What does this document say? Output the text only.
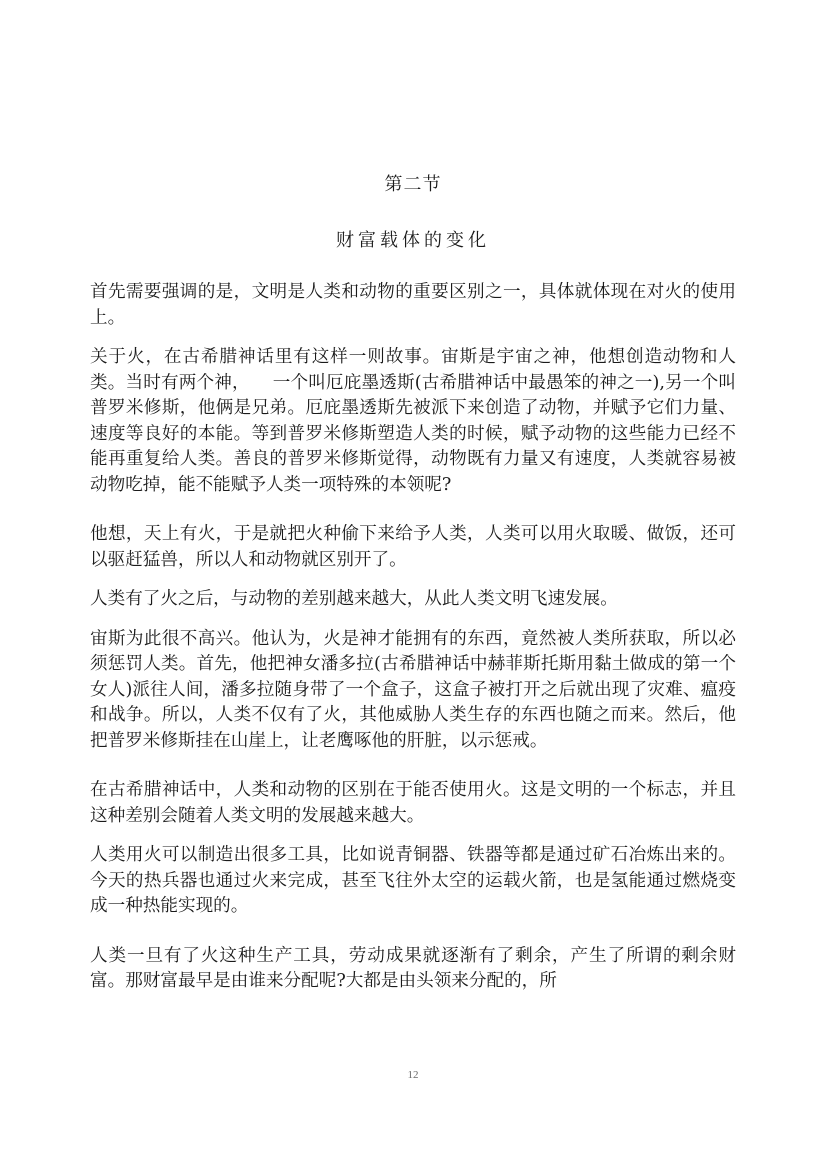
第二节
财富载体的变化

首先需要强调的是，文明是人类和动物的重要区别之一，具体就体现在对火的使用上。

关于火，在古希腊神话里有这样一则故事。宙斯是宇宙之神，他想创造动物和人类。当时有两个神，    一个叫厄庇墨透斯(古希腊神话中最愚笨的神之一),另一个叫普罗米修斯，他俩是兄弟。厄庇墨透斯先被派下来创造了动物，并赋予它们力量、速度等良好的本能。等到普罗米修斯塑造人类的时候，赋予动物的这些能力已经不能再重复给人类。善良的普罗米修斯觉得，动物既有力量又有速度，人类就容易被动物吃掉，能不能赋予人类一项特殊的本领呢?

他想，天上有火，于是就把火种偷下来给予人类，人类可以用火取暖、做饭，还可以驱赶猛兽，所以人和动物就区别开了。

人类有了火之后，与动物的差别越来越大，从此人类文明飞速发展。

宙斯为此很不高兴。他认为，火是神才能拥有的东西，竟然被人类所获取，所以必须惩罚人类。首先，他把神女潘多拉(古希腊神话中赫菲斯托斯用黏土做成的第一个女人)派往人间，潘多拉随身带了一个盒子，这盒子被打开之后就出现了灾难、瘟疫和战争。所以，人类不仅有了火，其他威胁人类生存的东西也随之而来。然后，他把普罗米修斯挂在山崖上，让老鹰啄他的肝脏，以示惩戒。

在古希腊神话中，人类和动物的区别在于能否使用火。这是文明的一个标志，并且这种差别会随着人类文明的发展越来越大。

人类用火可以制造出很多工具，比如说青铜器、铁器等都是通过矿石冶炼出来的。今天的热兵器也通过火来完成，甚至飞往外太空的运载火箭，也是氢能通过燃烧变成一种热能实现的。

人类一旦有了火这种生产工具，劳动成果就逐渐有了剩余，产生了所谓的剩余财富。那财富最早是由谁来分配呢?大都是由头领来分配的，所

12
